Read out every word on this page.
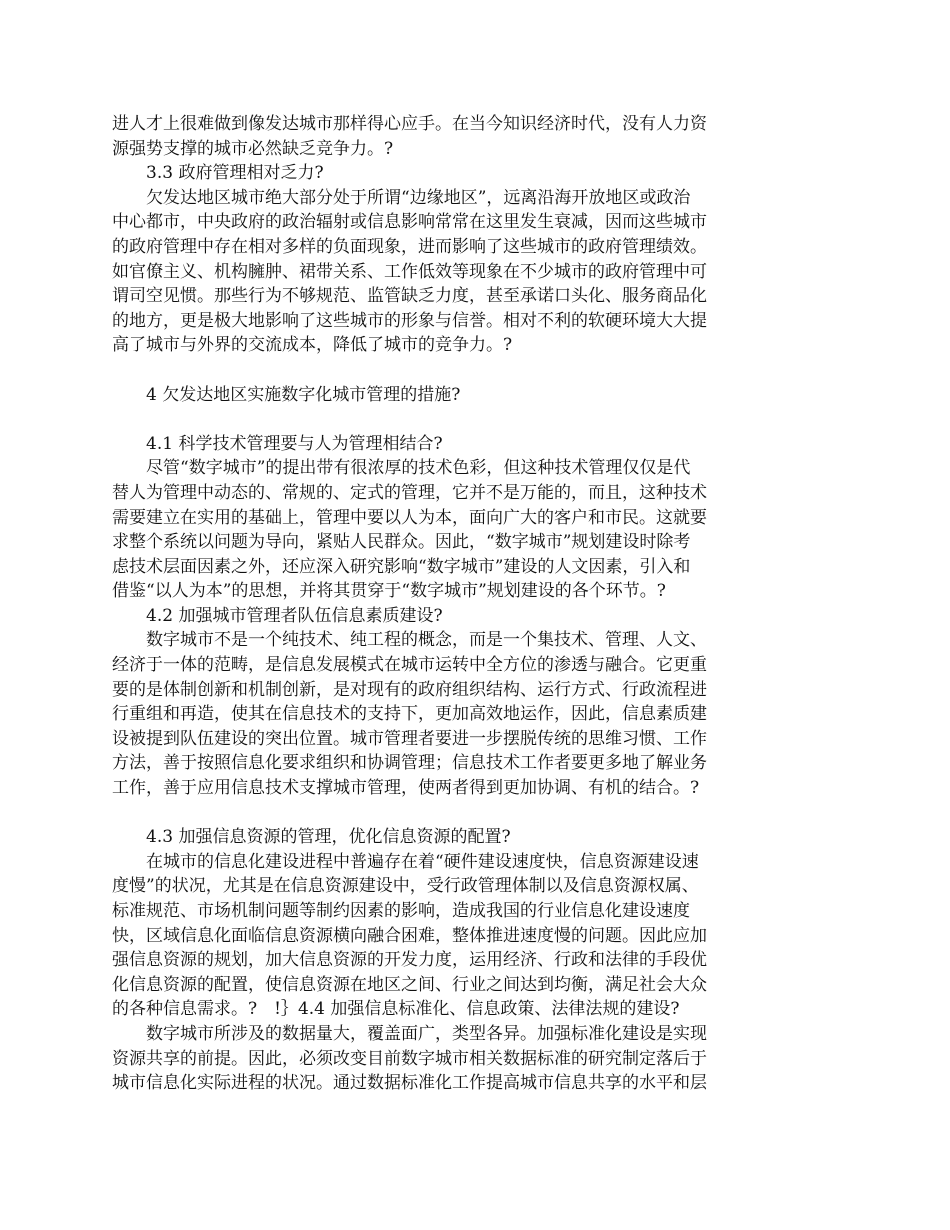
进人才上很难做到像发达城市那样得心应手。在当今知识经济时代，没有人力资
源强势支撑的城市必然缺乏竞争力。?
　　3.3 政府管理相对乏力?
　　欠发达地区城市绝大部分处于所谓“边缘地区”，远离沿海开放地区或政治
中心都市，中央政府的政治辐射或信息影响常常在这里发生衰减，因而这些城市
的政府管理中存在相对多样的负面现象，进而影响了这些城市的政府管理绩效。
如官僚主义、机构臃肿、裙带关系、工作低效等现象在不少城市的政府管理中可
谓司空见惯。那些行为不够规范、监管缺乏力度，甚至承诺口头化、服务商品化
的地方，更是极大地影响了这些城市的形象与信誉。相对不利的软硬环境大大提
高了城市与外界的交流成本，降低了城市的竞争力。?
　　4 欠发达地区实施数字化城市管理的措施?
　　4.1 科学技术管理要与人为管理相结合?
　　尽管“数字城市”的提出带有很浓厚的技术色彩，但这种技术管理仅仅是代
替人为管理中动态的、常规的、定式的管理，它并不是万能的，而且，这种技术
需要建立在实用的基础上，管理中要以人为本，面向广大的客户和市民。这就要
求整个系统以问题为导向，紧贴人民群众。因此，“数字城市”规划建设时除考
虑技术层面因素之外，还应深入研究影响“数字城市”建设的人文因素，引入和
借鉴“以人为本”的思想，并将其贯穿于“数字城市”规划建设的各个环节。?
　　4.2 加强城市管理者队伍信息素质建设?
　　数字城市不是一个纯技术、纯工程的概念，而是一个集技术、管理、人文、
经济于一体的范畴，是信息发展模式在城市运转中全方位的渗透与融合。它更重
要的是体制创新和机制创新，是对现有的政府组织结构、运行方式、行政流程进
行重组和再造，使其在信息技术的支持下，更加高效地运作，因此，信息素质建
设被提到队伍建设的突出位置。城市管理者要进一步摆脱传统的思维习惯、工作
方法，善于按照信息化要求组织和协调管理；信息技术工作者要更多地了解业务
工作，善于应用信息技术支撑城市管理，使两者得到更加协调、有机的结合。?
　　4.3 加强信息资源的管理，优化信息资源的配置?
　　在城市的信息化建设进程中普遍存在着“硬件建设速度快，信息资源建设速
度慢”的状况，尤其是在信息资源建设中，受行政管理体制以及信息资源权属、
标准规范、市场机制问题等制约因素的影响，造成我国的行业信息化建设速度
快，区域信息化面临信息资源横向融合困难，整体推进速度慢的问题。因此应加
强信息资源的规划，加大信息资源的开发力度，运用经济、行政和法律的手段优
化信息资源的配置，使信息资源在地区之间、行业之间达到均衡，满足社会大众
的各种信息需求。?　!｝4.4 加强信息标准化、信息政策、法律法规的建设?
　　数字城市所涉及的数据量大，覆盖面广，类型各异。加强标准化建设是实现
资源共享的前提。因此，必须改变目前数字城市相关数据标准的研究制定落后于
城市信息化实际进程的状况。通过数据标准化工作提高城市信息共享的水平和层
